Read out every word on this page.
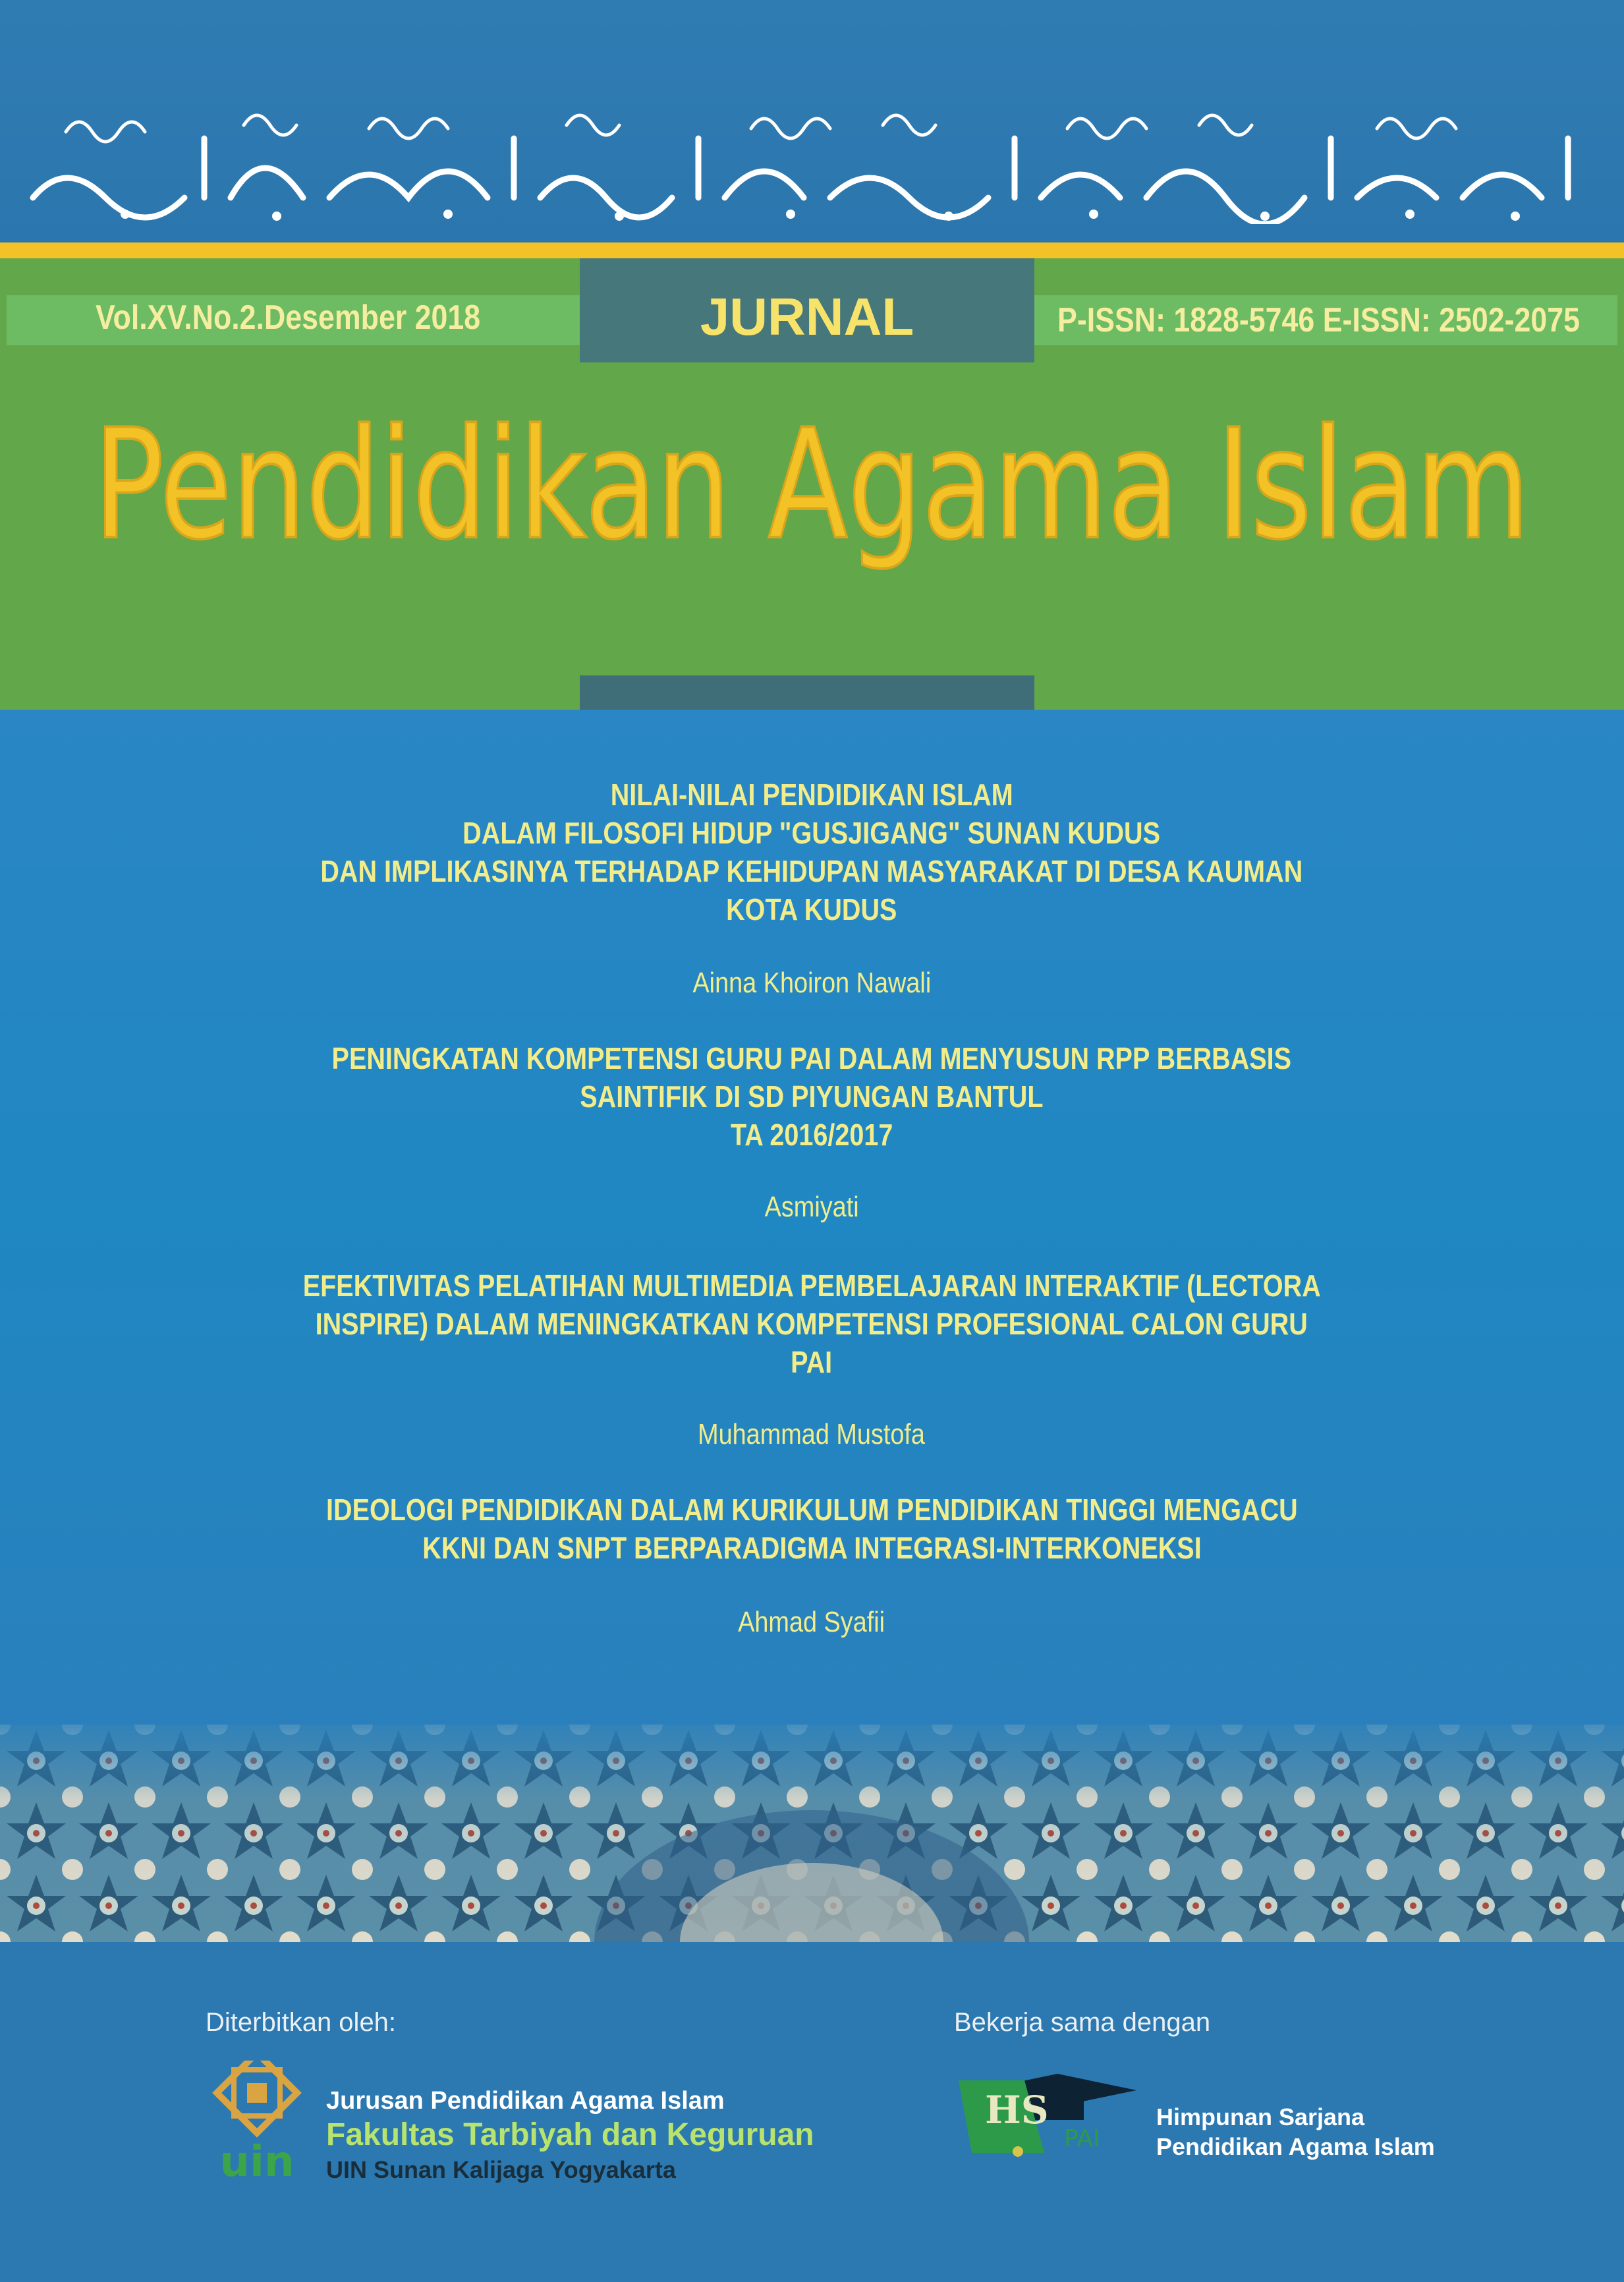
Vol.XV.No.2.Desember 2018	P-ISSN: 1828-5746 E-ISSN: 2502-2075
JURNAL
Pendidikan Agama Islam
NILAI-NILAI PENDIDIKAN ISLAM
DALAM FILOSOFI HIDUP "GUSJIGANG" SUNAN KUDUS
DAN IMPLIKASINYA TERHADAP KEHIDUPAN MASYARAKAT DI DESA KAUMAN
KOTA KUDUS
Ainna Khoiron Nawali
PENINGKATAN KOMPETENSI GURU PAI DALAM MENYUSUN RPP BERBASIS
SAINTIFIK DI SD PIYUNGAN BANTUL
TA 2016/2017
Asmiyati
EFEKTIVITAS PELATIHAN MULTIMEDIA PEMBELAJARAN INTERAKTIF (LECTORA
INSPIRE) DALAM MENINGKATKAN KOMPETENSI PROFESIONAL CALON GURU
PAI
Muhammad Mustofa
IDEOLOGI PENDIDIKAN DALAM KURIKULUM PENDIDIKAN TINGGI MENGACU
KKNI DAN SNPT BERPARADIGMA INTEGRASI-INTERKONEKSI
Ahmad Syafii
Diterbitkan oleh:
uin
Jurusan Pendidikan Agama Islam
Fakultas Tarbiyah dan Keguruan
UIN Sunan Kalijaga Yogyakarta
Bekerja sama dengan
HS
PAI
Himpunan Sarjana
Pendidikan Agama Islam
